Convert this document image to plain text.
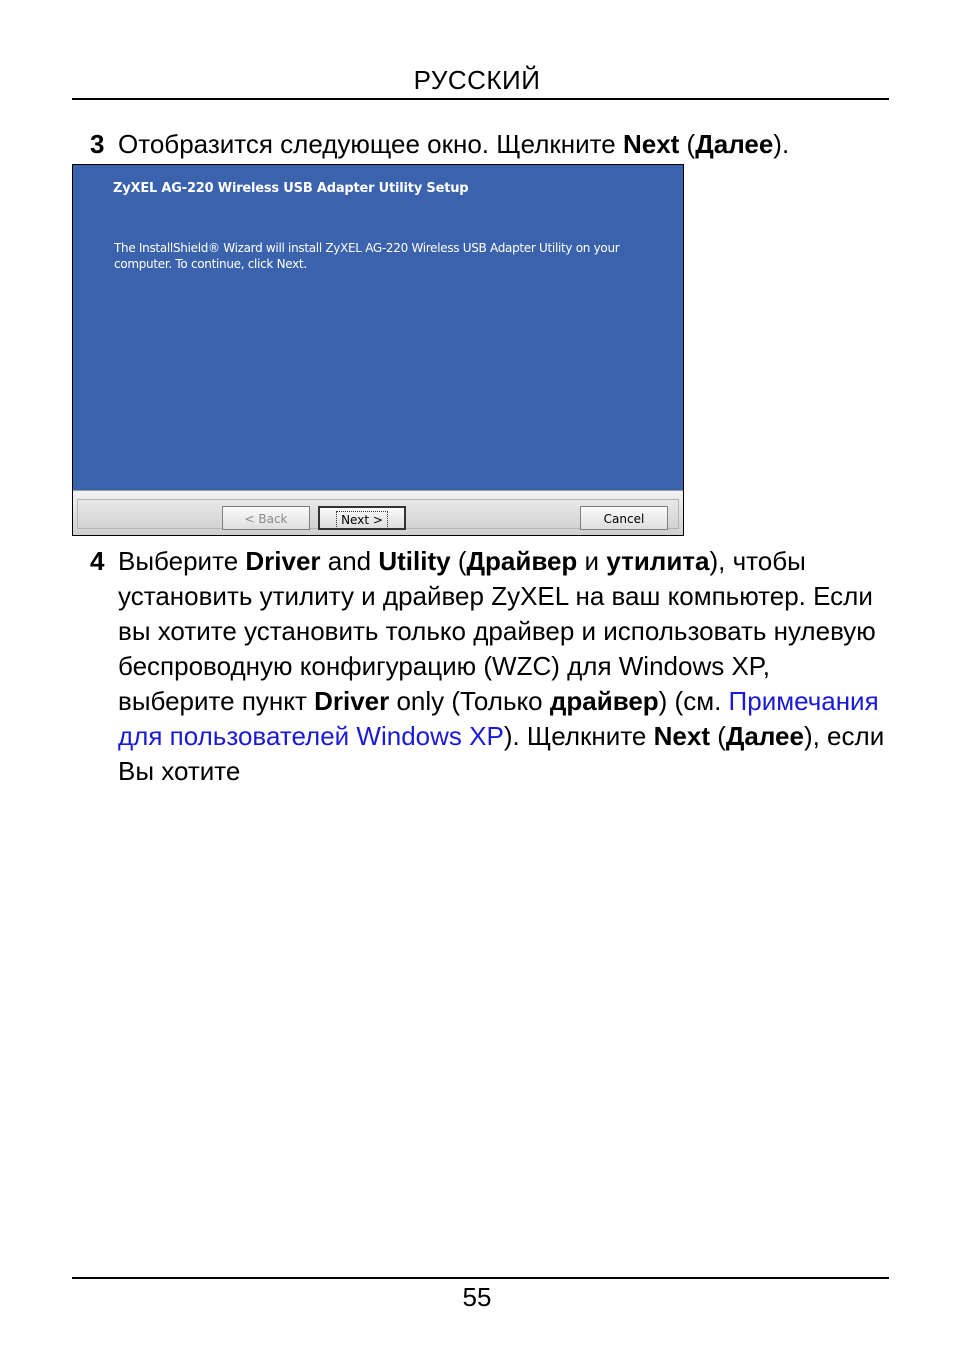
РУССКИЙ
3 Отобразится следующее окно. Щелкните Next (Далее).
ZyXEL AG-220 Wireless USB Adapter Utility Setup
The InstallShield® Wizard will install ZyXEL AG-220 Wireless USB Adapter Utility on your computer. To continue, click Next.
< Back	Next >	Cancel
4 Выберите Driver and Utility (Драйвер и утилита), чтобы установить утилиту и драйвер ZyXEL на ваш компьютер. Если вы хотите установить только драйвер и использовать нулевую беспроводную конфигурацию (WZC) для Windows XP, выберите пункт Driver only (Только драйвер) (см. Примечания для пользователей Windows XP). Щелкните Next (Далее), если Вы хотите
55
